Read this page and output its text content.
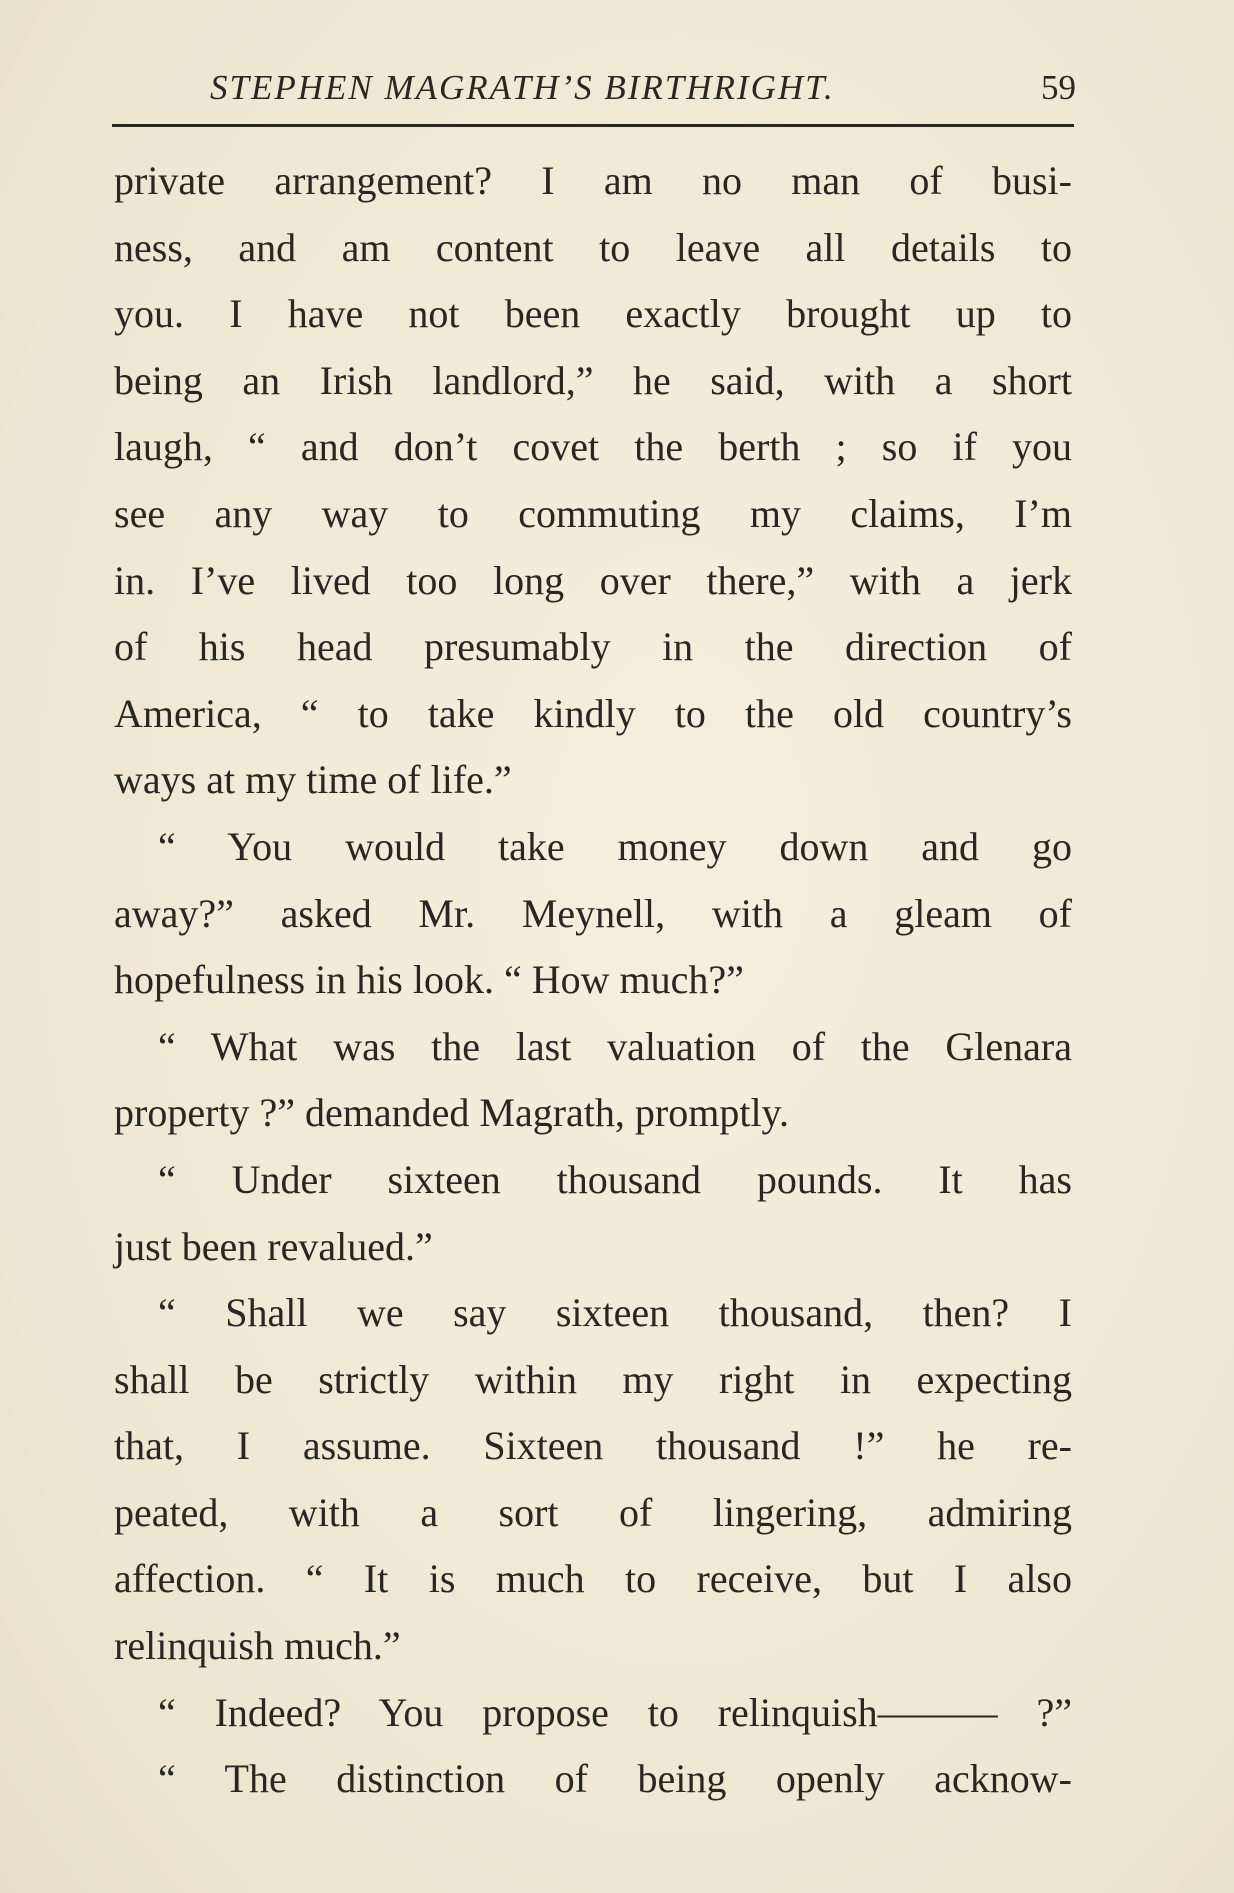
STEPHEN MAGRATH’S BIRTHRIGHT.	59
private arrangement? I am no man of busi-
ness, and am content to leave all details to
you. I have not been exactly brought up to
being an Irish landlord,” he said, with a short
laugh, “ and don’t covet the berth ; so if you
see any way to commuting my claims, I’m
in. I’ve lived too long over there,” with a jerk
of his head presumably in the direction of
America, “ to take kindly to the old country’s
ways at my time of life.”
“ You would take money down and go
away?” asked Mr. Meynell, with a gleam of
hopefulness in his look. “ How much?”
“ What was the last valuation of the Glenara
property ?” demanded Magrath, promptly.
“ Under sixteen thousand pounds. It has
just been revalued.”
“ Shall we say sixteen thousand, then? I
shall be strictly within my right in expecting
that, I assume. Sixteen thousand !” he re-
peated, with a sort of lingering, admiring
affection. “ It is much to receive, but I also
relinquish much.”
“ Indeed? You propose to relinquish——— ?”
“ The distinction of being openly acknow-
